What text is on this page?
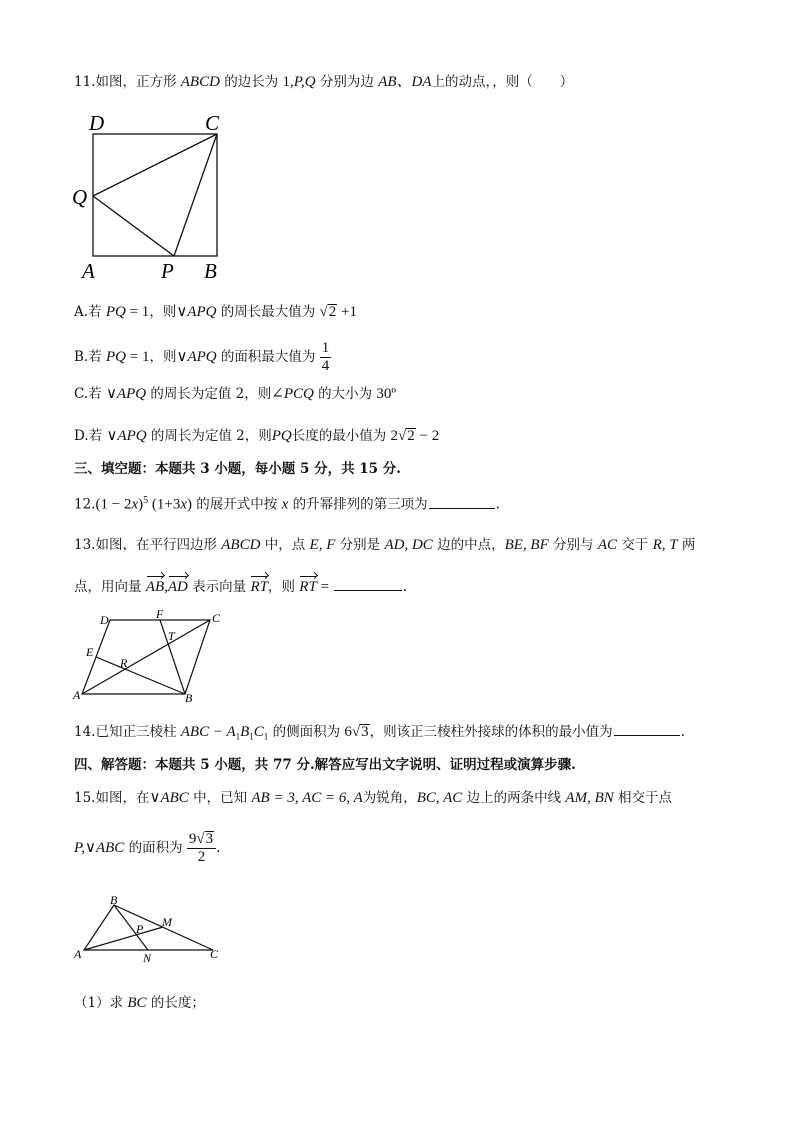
11.如图，正方形 ABCD 的边长为 1,P,Q 分别为边 AB、DA上的动点，，则（　　）
D	C
Q
A	P B
A.若 PQ = 1，则∨APQ 的周长最大值为 √2 +1
B.若 PQ = 1，则∨APQ 的面积最大值为 $\frac{1}{4}$
C.若 ∨APQ 的周长为定值 2，则∠PCQ 的大小为 30º
D.若 ∨APQ 的周长为定值 2，则PQ长度的最小值为 2√2 − 2
三、填空题：本题共 3 小题，每小题 5 分，共 15 分.
$12.(1 - 2x)^5$ (1+3x) 的展开式中按 x 的升幂排列的第三项为	.
13.如图，在平行四边形 ABCD 中，点 E, F 分别是 AD, DC 边的中点，BE, BF 分别与 AC 交于 R, T 两
点，用向量 AB,AD 表示向量 RT，则 RT =	.
D	F	C
T
E
R
A	B
14.已知正三棱柱 ABC − $A_1B_1C_1$ 的侧面积为 6√3，则该正三棱柱外接球的体积的最小值为	.
四、解答题：本题共 5 小题，共 77 分.解答应写出文字说明、证明过程或演算步骤.
15.如图，在∨ABC 中，已知 AB = 3, AC = 6, A为锐角，BC, AC 边上的两条中线 AM, BN 相交于点
P,∨ABC 的面积为 $\frac{9√3}{2}$ .
B
M
P
A	N	C
（1）求 BC 的长度；
